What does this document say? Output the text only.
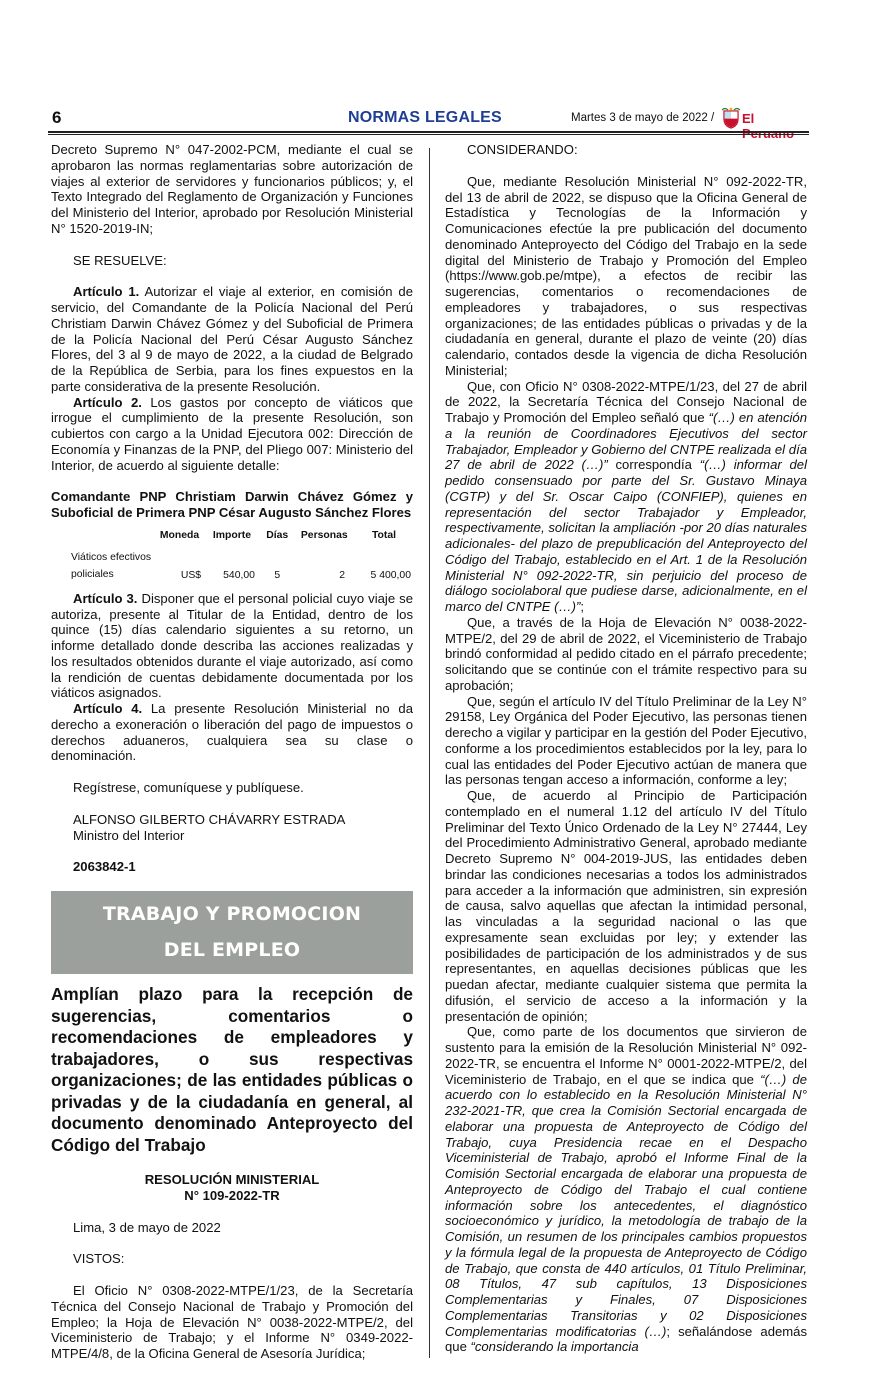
6	NORMAS LEGALES	Martes 3 de mayo de 2022 / El

Decreto Supremo N° 047-2002-PCM, mediante el cual se aprobaron las normas reglamentarias sobre autorización de viajes al exterior de servidores y funcionarios públicos; y, el Texto Integrado del Reglamento de Organización y Funciones del Ministerio del Interior, aprobado por Resolución Ministerial N° 1520-2019-IN;

SE RESUELVE:

Artículo 1. Autorizar el viaje al exterior, en comisión de servicio, del Comandante de la Policía Nacional del Perú Christiam Darwin Chávez Gómez y del Suboficial de Primera de la Policía Nacional del Perú César Augusto Sánchez Flores, del 3 al 9 de mayo de 2022, a la ciudad de Belgrado de la República de Serbia, para los fines expuestos en la parte considerativa de la presente Resolución.

Artículo 2. Los gastos por concepto de viáticos que irrogue el cumplimiento de la presente Resolución, son cubiertos con cargo a la Unidad Ejecutora 002: Dirección de Economía y Finanzas de la PNP, del Pliego 007: Ministerio del Interior, de acuerdo al siguiente detalle:

Comandante PNP Christiam Darwin Chávez Gómez y Suboficial de Primera PNP César Augusto Sánchez Flores

	Moneda	Importe	Días	Personas	Total
Viáticos efectivos
policiales	US$	540,00	5	2	5 400,00

Artículo 3. Disponer que el personal policial cuyo viaje se autoriza, presente al Titular de la Entidad, dentro de los quince (15) días calendario siguientes a su retorno, un informe detallado donde describa las acciones realizadas y los resultados obtenidos durante el viaje autorizado, así como la rendición de cuentas debidamente documentada por los viáticos asignados.

Artículo 4. La presente Resolución Ministerial no da derecho a exoneración o liberación del pago de impuestos o derechos aduaneros, cualquiera sea su clase o denominación.

Regístrese, comuníquese y publíquese.

ALFONSO GILBERTO CHÁVARRY ESTRADA

Ministro del Interior

2063842-1

TRABAJO Y PROMOCION
DEL EMPLEO

Amplían plazo para la recepción de sugerencias, comentarios o recomendaciones de empleadores y trabajadores, o sus respectivas organizaciones; de las entidades públicas o privadas y de la ciudadanía en general, al documento denominado Anteproyecto del Código del Trabajo

RESOLUCIÓN MINISTERIAL

N° 109-2022-TR

Lima, 3 de mayo de 2022

VISTOS:

El Oficio N° 0308-2022-MTPE/1/23, de la Secretaría Técnica del Consejo Nacional de Trabajo y Promoción del Empleo; la Hoja de Elevación N° 0038-2022-MTPE/2, del Viceministerio de Trabajo; y el Informe N° 0349-2022-MTPE/4/8, de la Oficina General de Asesoría Jurídica;

CONSIDERANDO:

Que, mediante Resolución Ministerial N° 092-2022-TR, del 13 de abril de 2022, se dispuso que la Oficina General de Estadística y Tecnologías de la Información y Comunicaciones efectúe la pre publicación del documento denominado Anteproyecto del Código del Trabajo en la sede digital del Ministerio de Trabajo y Promoción del Empleo (https://www.gob.pe/mtpe), a efectos de recibir las sugerencias, comentarios o recomendaciones de empleadores y trabajadores, o sus respectivas organizaciones; de las entidades públicas o privadas y de la ciudadanía en general, durante el plazo de veinte (20) días calendario, contados desde la vigencia de dicha Resolución Ministerial;

Que, con Oficio N° 0308-2022-MTPE/1/23, del 27 de abril de 2022, la Secretaría Técnica del Consejo Nacional de Trabajo y Promoción del Empleo señaló que “(…) en atención a la reunión de Coordinadores Ejecutivos del sector Trabajador, Empleador y Gobierno del CNTPE realizada el día 27 de abril de 2022 (…)” correspondía “(…) informar del pedido consensuado por parte del Sr. Gustavo Minaya (CGTP) y del Sr. Oscar Caipo (CONFIEP), quienes en representación del sector Trabajador y Empleador, respectivamente, solicitan la ampliación -por 20 días naturales adicionales- del plazo de prepublicación del Anteproyecto del Código del Trabajo, establecido en el Art. 1 de la Resolución Ministerial N° 092-2022-TR, sin perjuicio del proceso de diálogo sociolaboral que pudiese darse, adicionalmente, en el marco del CNTPE (…)”;

Que, a través de la Hoja de Elevación N° 0038-2022-MTPE/2, del 29 de abril de 2022, el Viceministerio de Trabajo brindó conformidad al pedido citado en el párrafo precedente; solicitando que se continúe con el trámite respectivo para su aprobación;

Que, según el artículo IV del Título Preliminar de la Ley N° 29158, Ley Orgánica del Poder Ejecutivo, las personas tienen derecho a vigilar y participar en la gestión del Poder Ejecutivo, conforme a los procedimientos establecidos por la ley, para lo cual las entidades del Poder Ejecutivo actúan de manera que las personas tengan acceso a información, conforme a ley;

Que, de acuerdo al Principio de Participación contemplado en el numeral 1.12 del artículo IV del Título Preliminar del Texto Único Ordenado de la Ley N° 27444, Ley del Procedimiento Administrativo General, aprobado mediante Decreto Supremo N° 004-2019-JUS, las entidades deben brindar las condiciones necesarias a todos los administrados para acceder a la información que administren, sin expresión de causa, salvo aquellas que afectan la intimidad personal, las vinculadas a la seguridad nacional o las que expresamente sean excluidas por ley; y extender las posibilidades de participación de los administrados y de sus representantes, en aquellas decisiones públicas que les puedan afectar, mediante cualquier sistema que permita la difusión, el servicio de acceso a la información y la presentación de opinión;

Que, como parte de los documentos que sirvieron de sustento para la emisión de la Resolución Ministerial N° 092-2022-TR, se encuentra el Informe N° 0001-2022-MTPE/2, del Viceministerio de Trabajo, en el que se indica que “(…) de acuerdo con lo establecido en la Resolución Ministerial N° 232-2021-TR, que crea la Comisión Sectorial encargada de elaborar una propuesta de Anteproyecto de Código del Trabajo, cuya Presidencia recae en el Despacho Viceministerial de Trabajo, aprobó el Informe Final de la Comisión Sectorial encargada de elaborar una propuesta de Anteproyecto de Código del Trabajo el cual contiene información sobre los antecedentes, el diagnóstico socioeconómico y jurídico, la metodología de trabajo de la Comisión, un resumen de los principales cambios propuestos y la fórmula legal de la propuesta de Anteproyecto de Código de Trabajo, que consta de 440 artículos, 01 Título Preliminar, 08 Títulos, 47 sub capítulos, 13 Disposiciones Complementarias y Finales, 07 Disposiciones Complementarias Transitorias y 02 Disposiciones Complementarias modificatorias (…); señalándose además que “considerando la importancia
